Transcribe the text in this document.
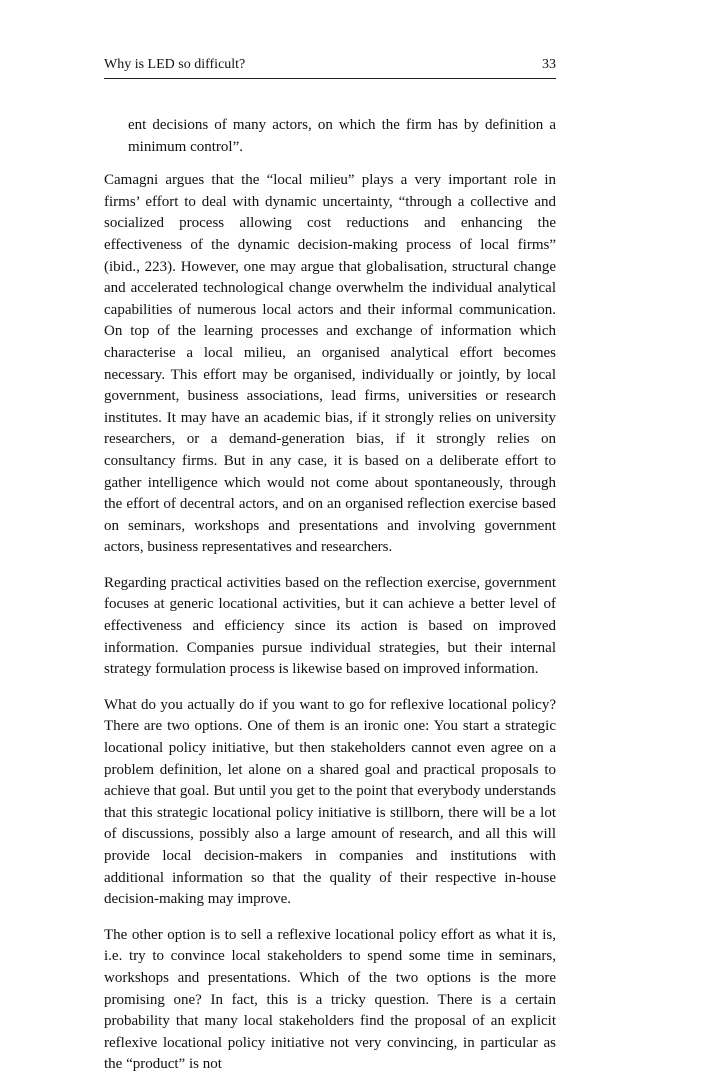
Why is LED so difficult?	33

ent decisions of many actors, on which the firm has by definition a minimum control”.

Camagni argues that the “local milieu” plays a very important role in firms’ effort to deal with dynamic uncertainty, “through a collective and socialized process allowing cost reductions and enhancing the effectiveness of the dynamic decision-making process of local firms” (ibid., 223). However, one may argue that globalisation, structural change and accelerated technological change overwhelm the individual analytical capabilities of numerous local actors and their informal communication. On top of the learning processes and exchange of information which characterise a local milieu, an organised analytical effort becomes necessary. This effort may be organised, individually or jointly, by local government, business associations, lead firms, universities or research institutes. It may have an academic bias, if it strongly relies on university researchers, or a demand-generation bias, if it strongly relies on consultancy firms. But in any case, it is based on a deliberate effort to gather intelligence which would not come about spontaneously, through the effort of decentral actors, and on an organised reflection exercise based on seminars, workshops and presentations and involving government actors, business representatives and researchers.

Regarding practical activities based on the reflection exercise, government focuses at generic locational activities, but it can achieve a better level of effectiveness and efficiency since its action is based on improved information. Companies pursue individual strategies, but their internal strategy formulation process is likewise based on improved information.

What do you actually do if you want to go for reflexive locational policy? There are two options. One of them is an ironic one: You start a strategic locational policy initiative, but then stakeholders cannot even agree on a problem definition, let alone on a shared goal and practical proposals to achieve that goal. But until you get to the point that everybody understands that this strategic locational policy initiative is stillborn, there will be a lot of discussions, possibly also a large amount of research, and all this will provide local decision-makers in companies and institutions with additional information so that the quality of their respective in-house decision-making may improve.

The other option is to sell a reflexive locational policy effort as what it is, i.e. try to convince local stakeholders to spend some time in seminars, workshops and presentations. Which of the two options is the more promising one? In fact, this is a tricky question. There is a certain probability that many local stakeholders find the proposal of an explicit reflexive locational policy initiative not very convincing, in particular as the “product” is not
